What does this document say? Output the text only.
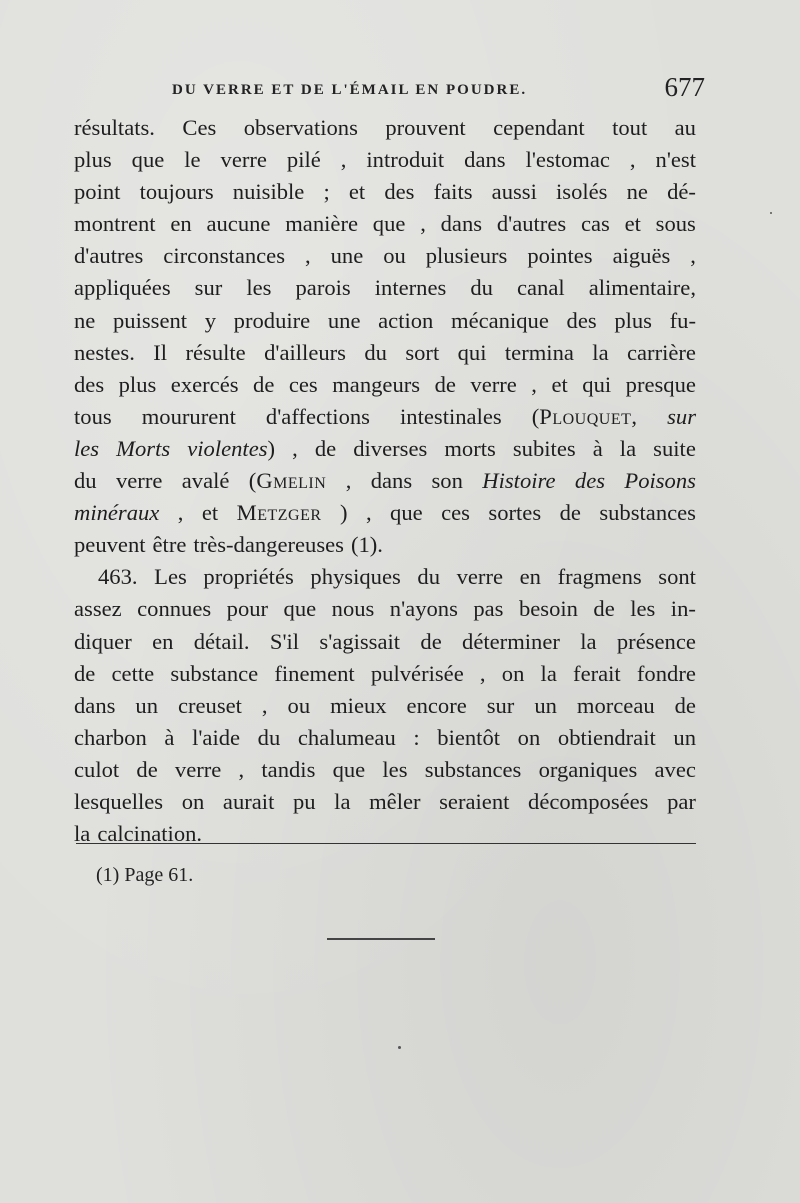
DU VERRE ET DE L'ÉMAIL EN POUDRE.	677
résultats. Ces observations prouvent cependant tout au
plus que le verre pilé , introduit dans l'estomac , n'est
point toujours nuisible ; et des faits aussi isolés ne dé-
montrent en aucune manière que , dans d'autres cas et sous
d'autres circonstances , une ou plusieurs pointes aiguës ,
appliquées sur les parois internes du canal alimentaire,
ne puissent y produire une action mécanique des plus fu-
nestes. Il résulte d'ailleurs du sort qui termina la carrière
des plus exercés de ces mangeurs de verre , et qui presque
tous moururent d'affections intestinales (Plouquet, sur
les Morts violentes) , de diverses morts subites à la suite
du verre avalé (Gmelin , dans son Histoire des Poisons
minéraux , et Metzger ) , que ces sortes de substances
peuvent être très-dangereuses (1).
463. Les propriétés physiques du verre en fragmens sont
assez connues pour que nous n'ayons pas besoin de les in-
diquer en détail. S'il s'agissait de déterminer la présence
de cette substance finement pulvérisée , on la ferait fondre
dans un creuset , ou mieux encore sur un morceau de
charbon à l'aide du chalumeau : bientôt on obtiendrait un
culot de verre , tandis que les substances organiques avec
lesquelles on aurait pu la mêler seraient décomposées par
la calcination.
(1) Page 61.
